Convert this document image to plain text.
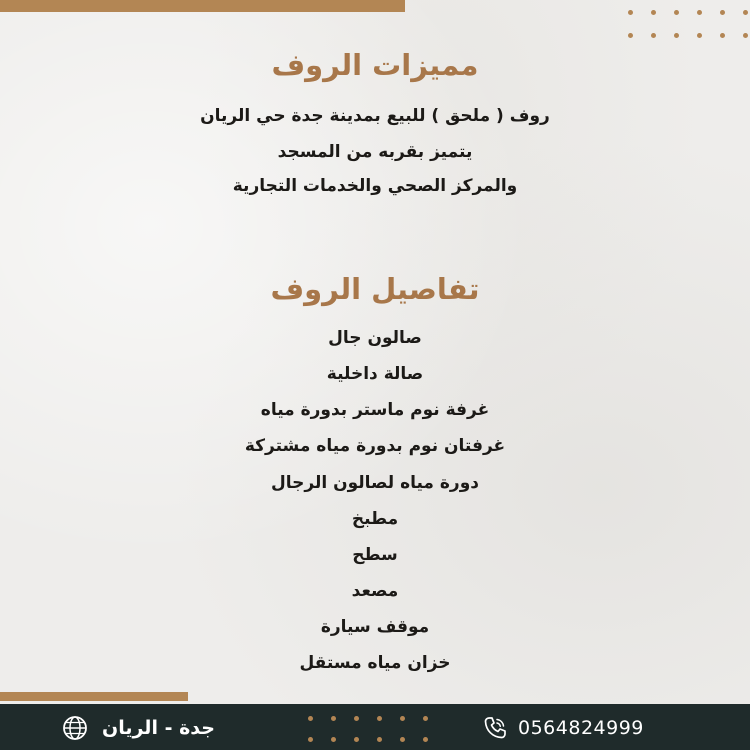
مميزات الروف

روف ( ملحق ) للبيع بمدينة جدة حي الريان

يتميز بقربه من المسجد

والمركز الصحي والخدمات التجارية

تفاصيل الروف

صالون جال

صالة داخلية

غرفة نوم ماستر بدورة مياه

غرفتان نوم بدورة مياه مشتركة

دورة مياه لصالون الرجال

مطبخ

سطح

مصعد

موقف سيارة

خزان مياه مستقل

جدة - الريان	0564824999
